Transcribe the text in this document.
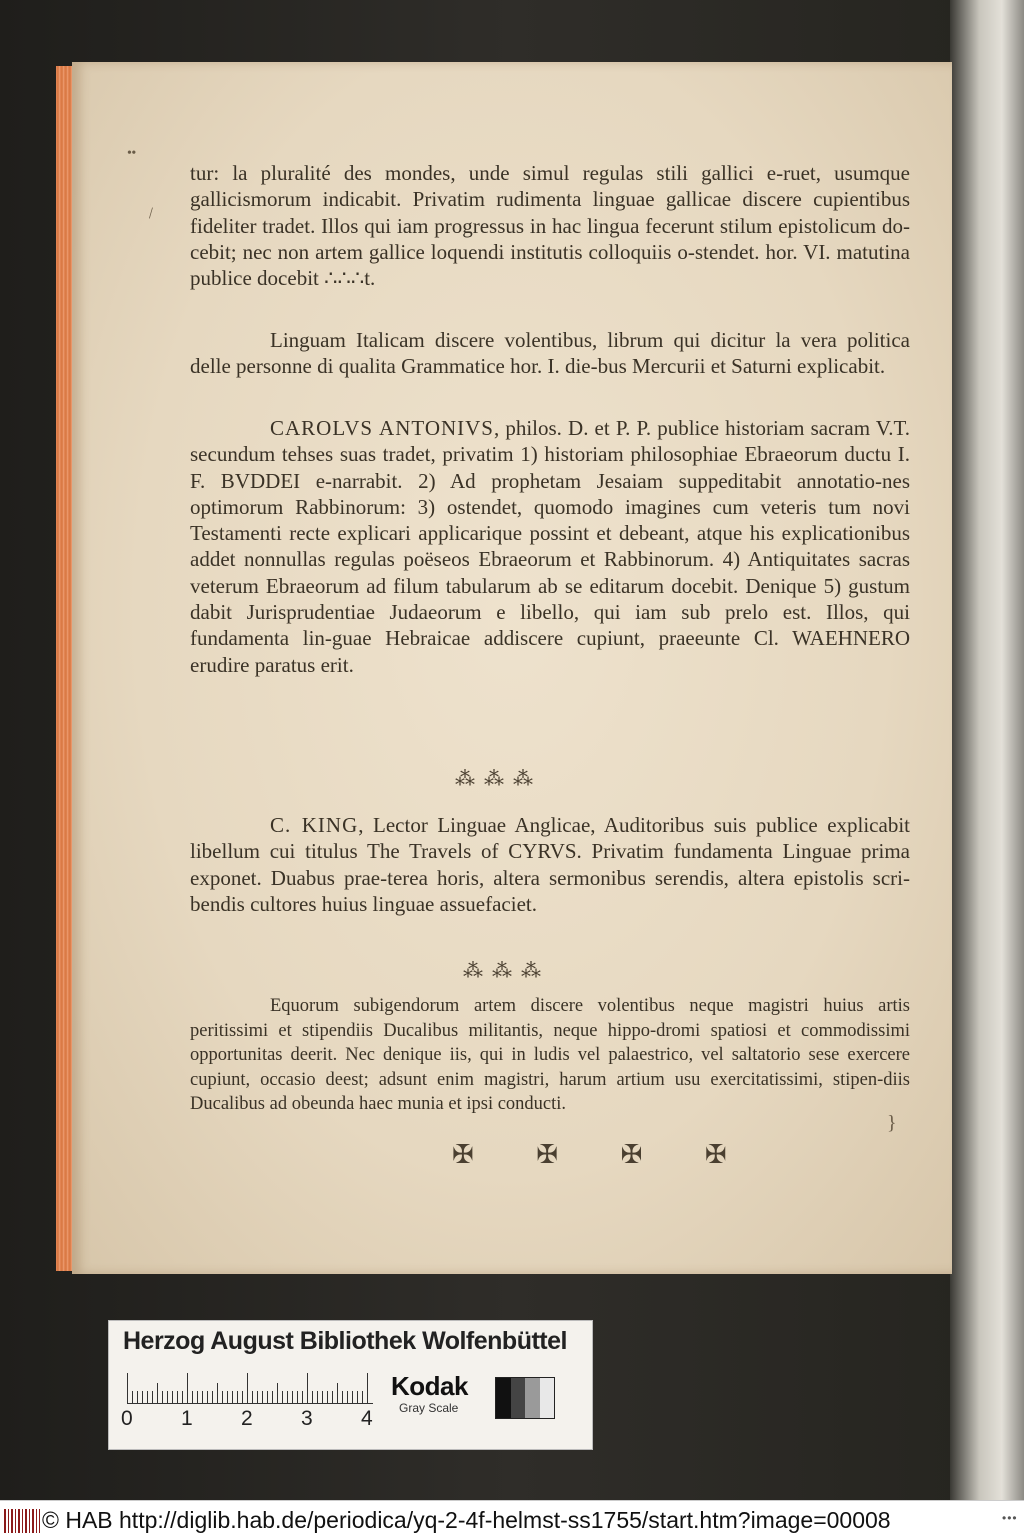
• •
\

tur: la pluralité des mondes, unde simul regulas stili gallici e-ruet, usumque gallicismorum indicabit. Privatim rudimenta linguae gallicae discere cupientibus fideliter tradet. Illos qui iam progressus in hac lingua fecerunt stilum epistolicum do-cebit; nec non artem gallice loquendi institutis colloquiis o-stendet. hor. VI. matutina publice docebit ∴∴∴t.

Linguam Italicam discere volentibus, librum qui dicitur la vera politica delle personne di qualita Grammatice hor. I. die-bus Mercurii et Saturni explicabit.

CAROLVS ANTONIVS, philos. D. et P. P. publice historiam sacram V.T. secundum tehses suas tradet, privatim 1) historiam philosophiae Ebraeorum ductu I. F. BVDDEI e-narrabit. 2) Ad prophetam Jesaiam suppeditabit annotatio-nes optimorum Rabbinorum: 3) ostendet, quomodo imagines cum veteris tum novi Testamenti recte explicari applicarique possint et debeant, atque his explicationibus addet nonnullas regulas poëseos Ebraeorum et Rabbinorum. 4) Antiquitates sacras veterum Ebraeorum ad filum tabularum ab se editarum docebit. Denique 5) gustum dabit Jurisprudentiae Judaeorum e libello, qui iam sub prelo est. Illos, qui fundamenta lin-guae Hebraicae addiscere cupiunt, praeeunte Cl. WAEHNERO erudire paratus erit.

⁂ ⁂ ⁂

C. KING, Lector Linguae Anglicae, Auditoribus suis publice explicabit libellum cui titulus The Travels of CYRVS. Privatim fundamenta Linguae prima exponet. Duabus prae-terea horis, altera sermonibus serendis, altera epistolis scri-bendis cultores huius linguae assuefaciet.

⁂ ⁂ ⁂

Equorum subigendorum artem discere volentibus neque magistri huius artis peritissimi et stipendiis Ducalibus militantis, neque hippo-dromi spatiosi et commodissimi opportunitas deerit. Nec denique iis, qui in ludis vel palaestrico, vel saltatorio sese exercere cupiunt, occasio deest; adsunt enim magistri, harum artium usu exercitatissimi, stipen-diis Ducalibus ad obeunda haec munia et ipsi conducti.

}
✠ ✠ ✠ ✠
Herzog August Bibliothek Wolfenbüttel
0 1 2 3 4
Kodak
Gray Scale
© HAB http://diglib.hab.de/periodica/yq-2-4f-helmst-ss1755/start.htm?image=00008	•••
